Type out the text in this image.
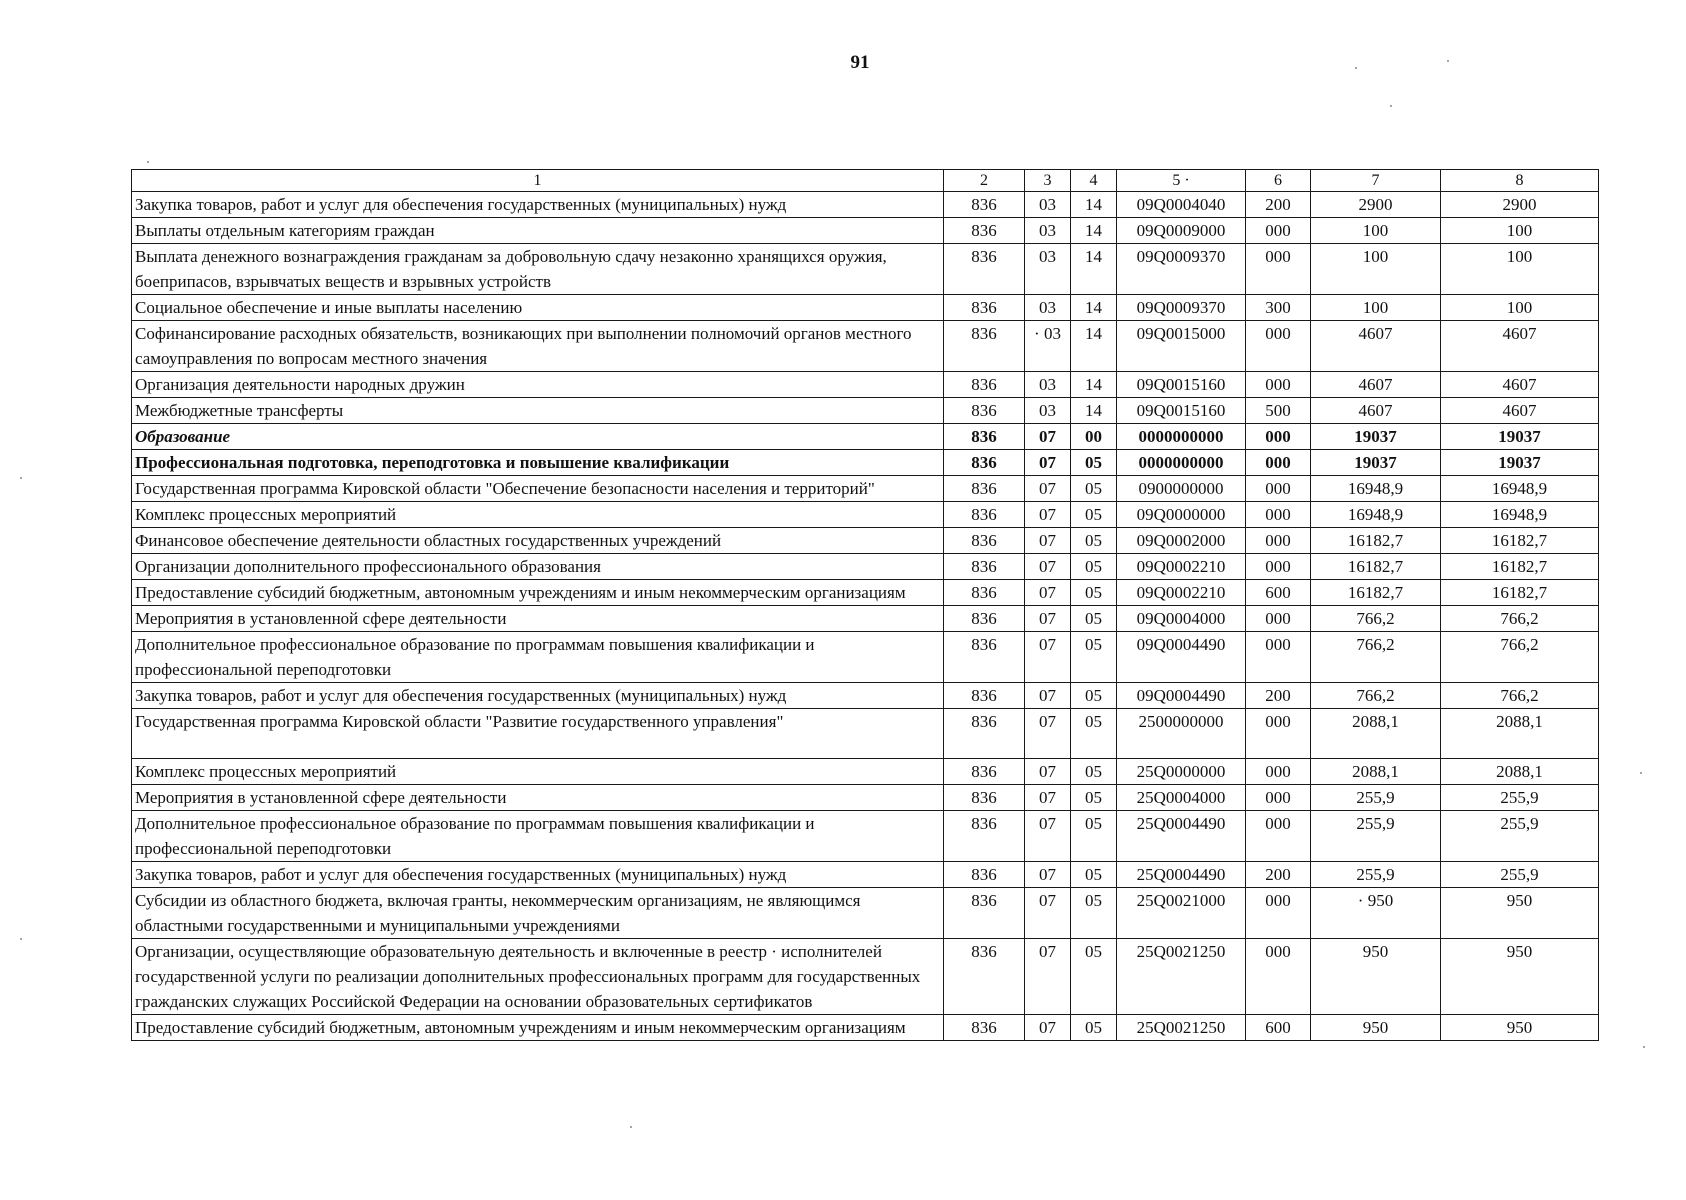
91
1	2	3	4	5 ·	6	7	8
Закупка товаров, работ и услуг для обеспечения государственных (муниципальных) нужд	836	03	14	09Q0004040	200	2900	2900
Выплаты отдельным категориям граждан	836	03	14	09Q0009000	000	100	100
Выплата денежного вознаграждения гражданам за добровольную сдачу незаконно хранящихся оружия, боеприпасов, взрывчатых веществ и взрывных устройств	836	03	14	09Q0009370	000	100	100
Социальное обеспечение и иные выплаты населению	836	03	14	09Q0009370	300	100	100
Софинансирование расходных обязательств, возникающих при выполнении полномочий органов местного самоуправления по вопросам местного значения	836	· 03	14	09Q0015000	000	4607	4607
Организация деятельности народных дружин	836	03	14	09Q0015160	000	4607	4607
Межбюджетные трансферты	836	03	14	09Q0015160	500	4607	4607
Образование	836	07	00	0000000000	000	19037	19037
Профессиональная подготовка, переподготовка и повышение квалификации	836	07	05	0000000000	000	19037	19037
Государственная программа Кировской области "Обеспечение безопасности населения и территорий"	836	07	05	0900000000	000	16948,9	16948,9
Комплекс процессных мероприятий	836	07	05	09Q0000000	000	16948,9	16948,9
Финансовое обеспечение деятельности областных государственных учреждений	836	07	05	09Q0002000	000	16182,7	16182,7
Организации дополнительного профессионального образования	836	07	05	09Q0002210	000	16182,7	16182,7
Предоставление субсидий бюджетным, автономным учреждениям и иным некоммерческим организациям	836	07	05	09Q0002210	600	16182,7	16182,7
Мероприятия в установленной сфере деятельности	836	07	05	09Q0004000	000	766,2	766,2
Дополнительное профессиональное образование по программам повышения квалификации и профессиональной переподготовки	836	07	05	09Q0004490	000	766,2	766,2
Закупка товаров, работ и услуг для обеспечения государственных (муниципальных) нужд	836	07	05	09Q0004490	200	766,2	766,2
Государственная программа Кировской области "Развитие государственного управления"	836	07	05	2500000000	000	2088,1	2088,1
Комплекс процессных мероприятий	836	07	05	25Q0000000	000	2088,1	2088,1
Мероприятия в установленной сфере деятельности	836	07	05	25Q0004000	000	255,9	255,9
Дополнительное профессиональное образование по программам повышения квалификации и профессиональной переподготовки	836	07	05	25Q0004490	000	255,9	255,9
Закупка товаров, работ и услуг для обеспечения государственных (муниципальных) нужд	836	07	05	25Q0004490	200	255,9	255,9
Субсидии из областного бюджета, включая гранты, некоммерческим организациям, не являющимся областными государственными и муниципальными учреждениями	836	07	05	25Q0021000	000	· 950	950
Организации, осуществляющие образовательную деятельность и включенные в реестр · исполнителей государственной услуги по реализации дополнительных профессиональных программ для государственных гражданских служащих Российской Федерации на основании образовательных сертификатов	836	07	05	25Q0021250	000	950	950
Предоставление субсидий бюджетным, автономным учреждениям и иным некоммерческим организациям	836	07	05	25Q0021250	600	950	950
